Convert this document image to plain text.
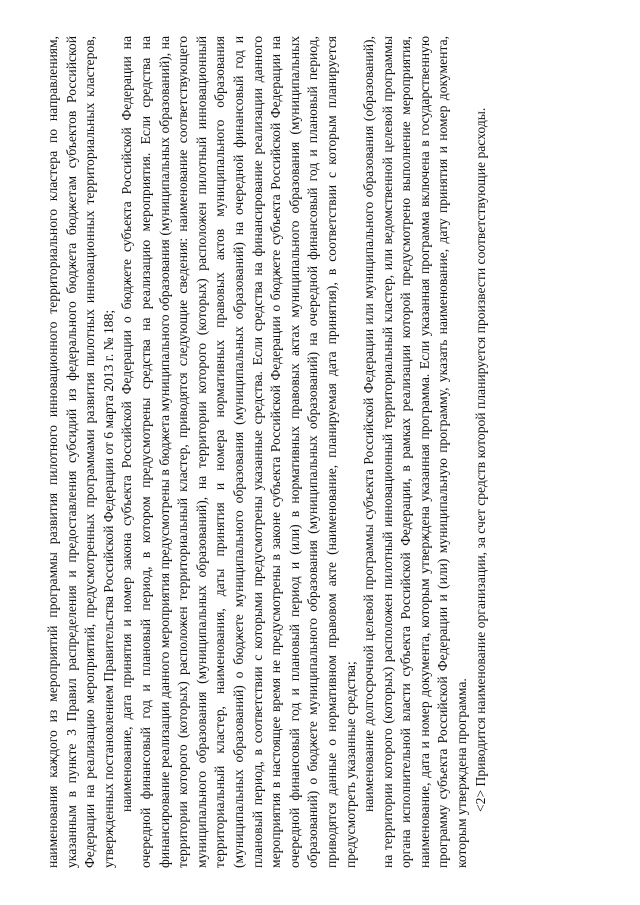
наименования каждого из мероприятий программы развития пилотного инновационного территориального кластера по направлениям, указанным в пункте 3 Правил распределения и предоставления субсидий из федерального бюджета бюджетам субъектов Российской Федерации на реализацию мероприятий, предусмотренных программами развития пилотных инновационных территориальных кластеров, утвержденных постановлением Правительства Российской Федерации от 6 марта 2013 г. № 188; наименование, дата принятия и номер закона субъекта Российской Федерации о бюджете субъекта Российской Федерации на очередной финансовый год и плановый период, в котором предусмотрены средства на реализацию мероприятия. Если средства на финансирование реализации данного мероприятия предусмотрены в бюджета муниципального образования (муниципальных образований), на территории которого (которых) расположен территориальный кластер, приводятся следующие сведения: наименование соответствующего муниципального образования (муниципальных образований), на территории которого (которых) расположен пилотный инновационный территориальный кластер, наименования, даты принятия и номера нормативных правовых актов муниципального образования (муниципальных образований) о бюджете муниципального образования (муниципальных образований) на очередной финансовый год и плановый период, в соответствии с которыми предусмотрены указанные средства. Если средства на финансирование реализации данного мероприятия в настоящее время не предусмотрены в законе субъекта Российской Федерации о бюджете субъекта Российской Федерации на очередной финансовый год и плановый период и (или) в нормативных правовых актах муниципального образования (муниципальных образований) о бюджете муниципального образования (муниципальных образований) на очередной финансовый год и плановый период, приводятся данные о нормативном правовом акте (наименование, планируемая дата принятия), в соответствии с которым планируется предусмотреть указанные средства; наименование долгосрочной целевой программы субъекта Российской Федерации или муниципального образования (образований), на территории которого (которых) расположен пилотный инновационный территориальный кластер, или ведомственной целевой программы органа исполнительной власти субъекта Российской Федерации, в рамках реализации которой предусмотрено выполнение мероприятия, наименование, дата и номер документа, которым утверждена указанная программа. Если указанная программа включена в государственную программу субъекта Российской Федерации и (или) муниципальную программу, указать наименование, дату принятия и номер документа, которым утверждена программа. <2> Приводится наименование организации, за счет средств которой планируется произвести соответствующие расходы.
